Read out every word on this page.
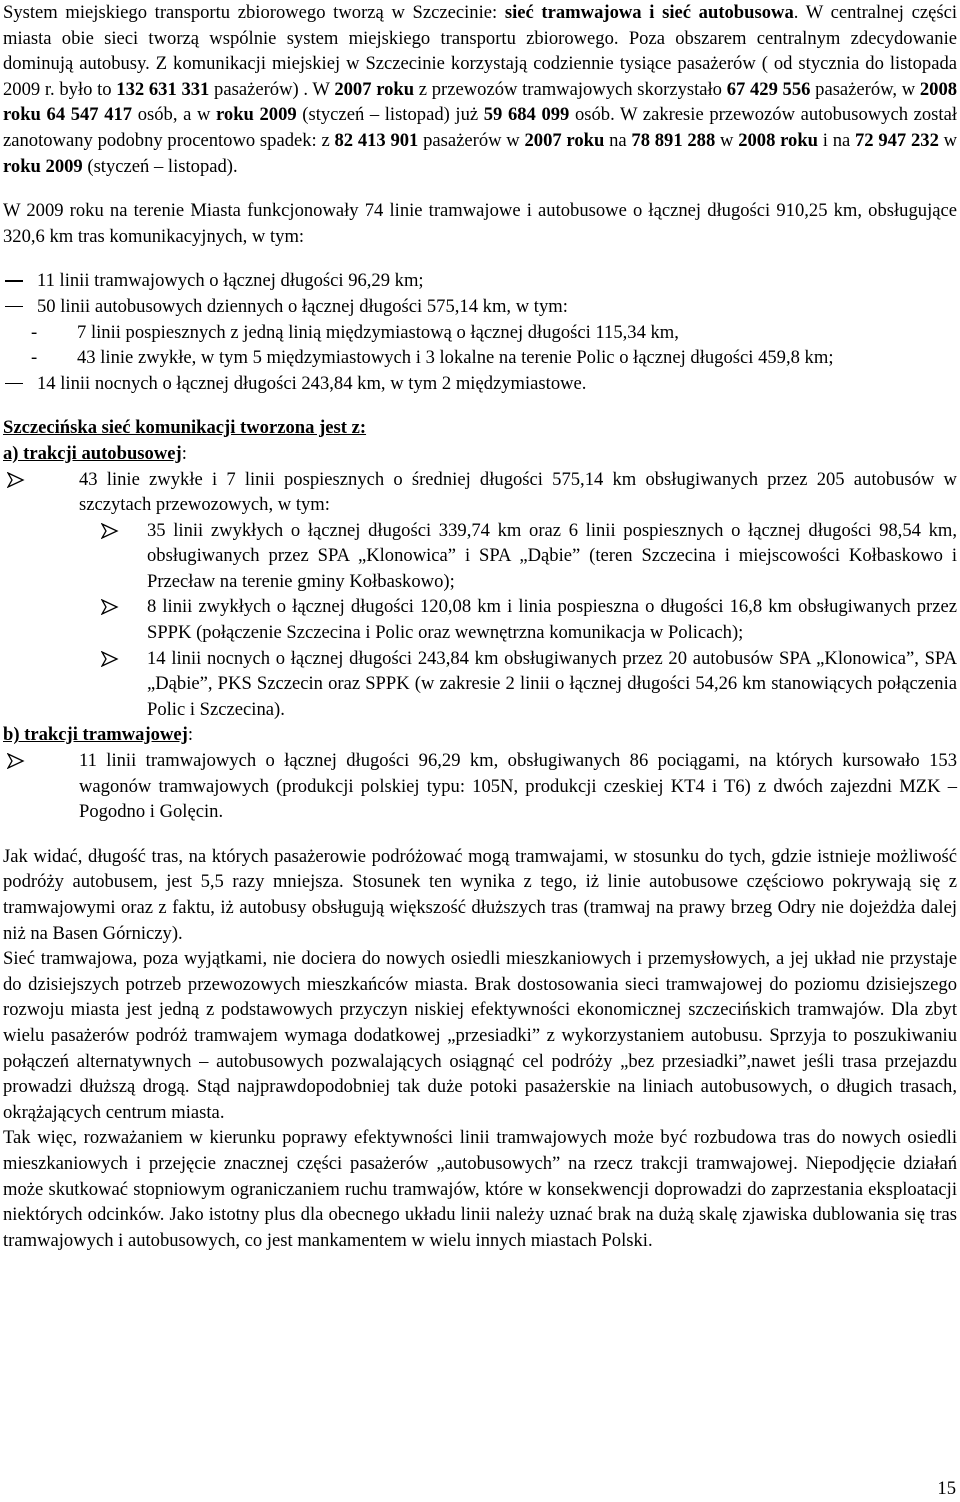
System miejskiego transportu zbiorowego tworzą w Szczecinie: sieć tramwajowa i sieć autobusowa. W centralnej części miasta obie sieci tworzą wspólnie system miejskiego transportu zbiorowego. Poza obszarem centralnym zdecydowanie dominują autobusy. Z komunikacji miejskiej w Szczecinie korzystają codziennie tysiące pasażerów ( od stycznia do listopada 2009 r. było to 132 631 331 pasażerów) . W 2007 roku z przewozów tramwajowych skorzystało 67 429 556 pasażerów, w 2008 roku 64 547 417 osób, a w roku 2009 (styczeń – listopad) już 59 684 099 osób. W zakresie przewozów autobusowych został zanotowany podobny procentowo spadek: z 82 413 901 pasażerów w 2007 roku na 78 891 288 w 2008 roku i na 72 947 232 w roku 2009 (styczeń – listopad).

W 2009 roku na terenie Miasta funkcjonowały 74 linie tramwajowe i autobusowe o łącznej długości 910,25 km, obsługujące 320,6 km tras komunikacyjnych, w tym:

11 linii tramwajowych o łącznej długości 96,29 km;
50 linii autobusowych dziennych o łącznej długości 575,14 km, w tym:
-	7 linii pospiesznych z jedną linią międzymiastową o łącznej długości 115,34 km,
-	43 linie zwykłe, w tym 5 międzymiastowych i 3 lokalne na terenie Polic o łącznej długości 459,8 km;
14 linii nocnych o łącznej długości 243,84 km, w tym 2 międzymiastowe.

Szczecińska sieć komunikacji tworzona jest z:

a) trakcji autobusowej:

43 linie zwykłe i 7 linii pospiesznych o średniej długości 575,14 km obsługiwanych przez 205 autobusów w szczytach przewozowych, w tym:
35 linii zwykłych o łącznej długości 339,74 km oraz 6 linii pospiesznych o łącznej długości 98,54 km, obsługiwanych przez SPA „Klonowica” i SPA „Dąbie” (teren Szczecina i miejscowości Kołbaskowo i Przecław na terenie gminy Kołbaskowo);
8 linii zwykłych o łącznej długości 120,08 km i linia pospieszna o długości 16,8 km obsługiwanych przez SPPK (połączenie Szczecina i Polic oraz wewnętrzna komunikacja w Policach);
14 linii nocnych o łącznej długości 243,84 km obsługiwanych przez 20 autobusów SPA „Klonowica”, SPA „Dąbie”, PKS Szczecin oraz SPPK (w zakresie 2 linii o łącznej długości 54,26 km stanowiących połączenia Polic i Szczecina).

b) trakcji tramwajowej:

11 linii tramwajowych o łącznej długości 96,29 km, obsługiwanych 86 pociągami, na których kursowało 153 wagonów tramwajowych (produkcji polskiej typu: 105N, produkcji czeskiej KT4 i T6) z dwóch zajezdni MZK – Pogodno i Golęcin.

Jak widać, długość tras, na których pasażerowie podróżować mogą tramwajami, w stosunku do tych, gdzie istnieje możliwość podróży autobusem, jest 5,5 razy mniejsza. Stosunek ten wynika z tego, iż linie autobusowe częściowo pokrywają się z tramwajowymi oraz z faktu, iż autobusy obsługują większość dłuższych tras (tramwaj na prawy brzeg Odry nie dojeżdża dalej niż na Basen Górniczy).

Sieć tramwajowa, poza wyjątkami, nie dociera do nowych osiedli mieszkaniowych i przemysłowych, a jej układ nie przystaje do dzisiejszych potrzeb przewozowych mieszkańców miasta. Brak dostosowania sieci tramwajowej do poziomu dzisiejszego rozwoju miasta jest jedną z podstawowych przyczyn niskiej efektywności ekonomicznej szczecińskich tramwajów. Dla zbyt wielu pasażerów podróż tramwajem wymaga dodatkowej „przesiadki” z wykorzystaniem autobusu. Sprzyja to poszukiwaniu połączeń alternatywnych – autobusowych pozwalających osiągnąć cel podróży „bez przesiadki”,nawet jeśli trasa przejazdu prowadzi dłuższą drogą. Stąd najprawdopodobniej tak duże potoki pasażerskie na liniach autobusowych, o długich trasach, okrążających centrum miasta.

Tak więc, rozważaniem w kierunku poprawy efektywności linii tramwajowych może być rozbudowa tras do nowych osiedli mieszkaniowych i przejęcie znacznej części pasażerów „autobusowych” na rzecz trakcji tramwajowej. Niepodjęcie działań może skutkować stopniowym ograniczaniem ruchu tramwajów, które w konsekwencji doprowadzi do zaprzestania eksploatacji niektórych odcinków. Jako istotny plus dla obecnego układu linii należy uznać brak na dużą skalę zjawiska dublowania się tras tramwajowych i autobusowych, co jest mankamentem w wielu innych miastach Polski.

15
